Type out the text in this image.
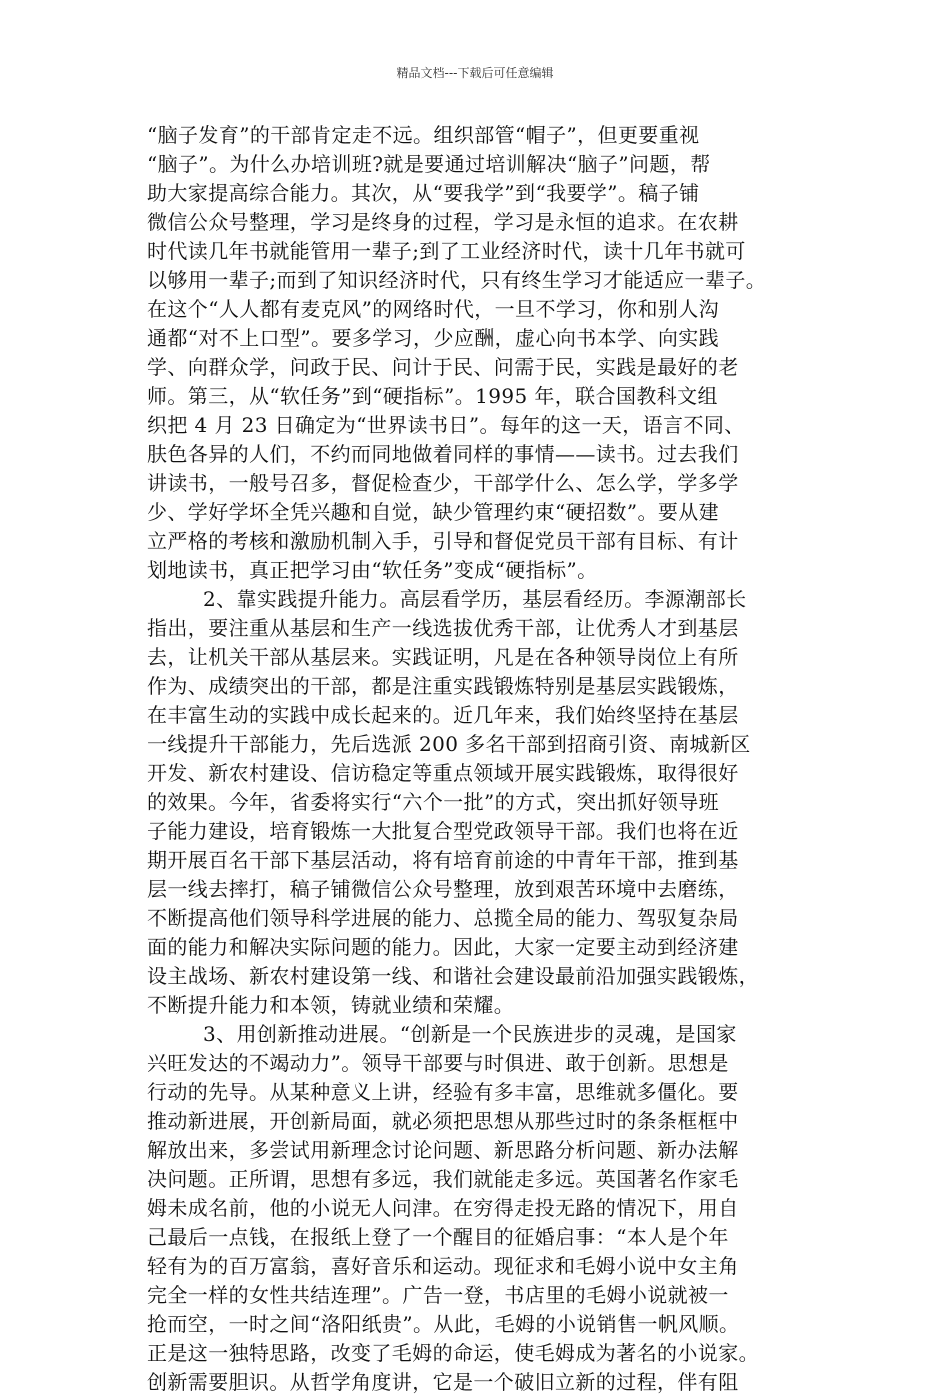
精品文档---下载后可任意编辑
“脑子发育”的干部肯定走不远。组织部管“帽子”，但更要重视
“脑子”。为什么办培训班?就是要通过培训解决“脑子”问题，帮
助大家提高综合能力。其次，从“要我学”到“我要学”。稿子铺
微信公众号整理，学习是终身的过程，学习是永恒的追求。在农耕
时代读几年书就能管用一辈子;到了工业经济时代，读十几年书就可
以够用一辈子;而到了知识经济时代，只有终生学习才能适应一辈子。
在这个“人人都有麦克风”的网络时代，一旦不学习，你和别人沟
通都“对不上口型”。要多学习，少应酬，虚心向书本学、向实践
学、向群众学，问政于民、问计于民、问需于民，实践是最好的老
师。第三，从“软任务”到“硬指标”。1995 年，联合国教科文组
织把 4 月 23 日确定为“世界读书日”。每年的这一天，语言不同、
肤色各异的人们，不约而同地做着同样的事情——读书。过去我们
讲读书，一般号召多，督促检查少，干部学什么、怎么学，学多学
少、学好学坏全凭兴趣和自觉，缺少管理约束“硬招数”。要从建
立严格的考核和激励机制入手，引导和督促党员干部有目标、有计
划地读书，真正把学习由“软任务”变成“硬指标”。
2、靠实践提升能力。高层看学历，基层看经历。李源潮部长
指出，要注重从基层和生产一线选拔优秀干部，让优秀人才到基层
去，让机关干部从基层来。实践证明，凡是在各种领导岗位上有所
作为、成绩突出的干部，都是注重实践锻炼特别是基层实践锻炼，
在丰富生动的实践中成长起来的。近几年来，我们始终坚持在基层
一线提升干部能力，先后选派 200 多名干部到招商引资、南城新区
开发、新农村建设、信访稳定等重点领域开展实践锻炼，取得很好
的效果。今年，省委将实行“六个一批”的方式，突出抓好领导班
子能力建设，培育锻炼一大批复合型党政领导干部。我们也将在近
期开展百名干部下基层活动，将有培育前途的中青年干部，推到基
层一线去摔打，稿子铺微信公众号整理，放到艰苦环境中去磨练，
不断提高他们领导科学进展的能力、总揽全局的能力、驾驭复杂局
面的能力和解决实际问题的能力。因此，大家一定要主动到经济建
设主战场、新农村建设第一线、和谐社会建设最前沿加强实践锻炼，
不断提升能力和本领，铸就业绩和荣耀。
3、用创新推动进展。“创新是一个民族进步的灵魂，是国家
兴旺发达的不竭动力”。领导干部要与时俱进、敢于创新。思想是
行动的先导。从某种意义上讲，经验有多丰富，思维就多僵化。要
推动新进展，开创新局面，就必须把思想从那些过时的条条框框中
解放出来，多尝试用新理念讨论问题、新思路分析问题、新办法解
决问题。正所谓，思想有多远，我们就能走多远。英国著名作家毛
姆未成名前，他的小说无人问津。在穷得走投无路的情况下，用自
己最后一点钱，在报纸上登了一个醒目的征婚启事：“本人是个年
轻有为的百万富翁，喜好音乐和运动。现征求和毛姆小说中女主角
完全一样的女性共结连理”。广告一登，书店里的毛姆小说就被一
抢而空，一时之间“洛阳纸贵”。从此，毛姆的小说销售一帆风顺。
正是这一独特思路，改变了毛姆的命运，使毛姆成为著名的小说家。
创新需要胆识。从哲学角度讲，它是一个破旧立新的过程，伴有阻
